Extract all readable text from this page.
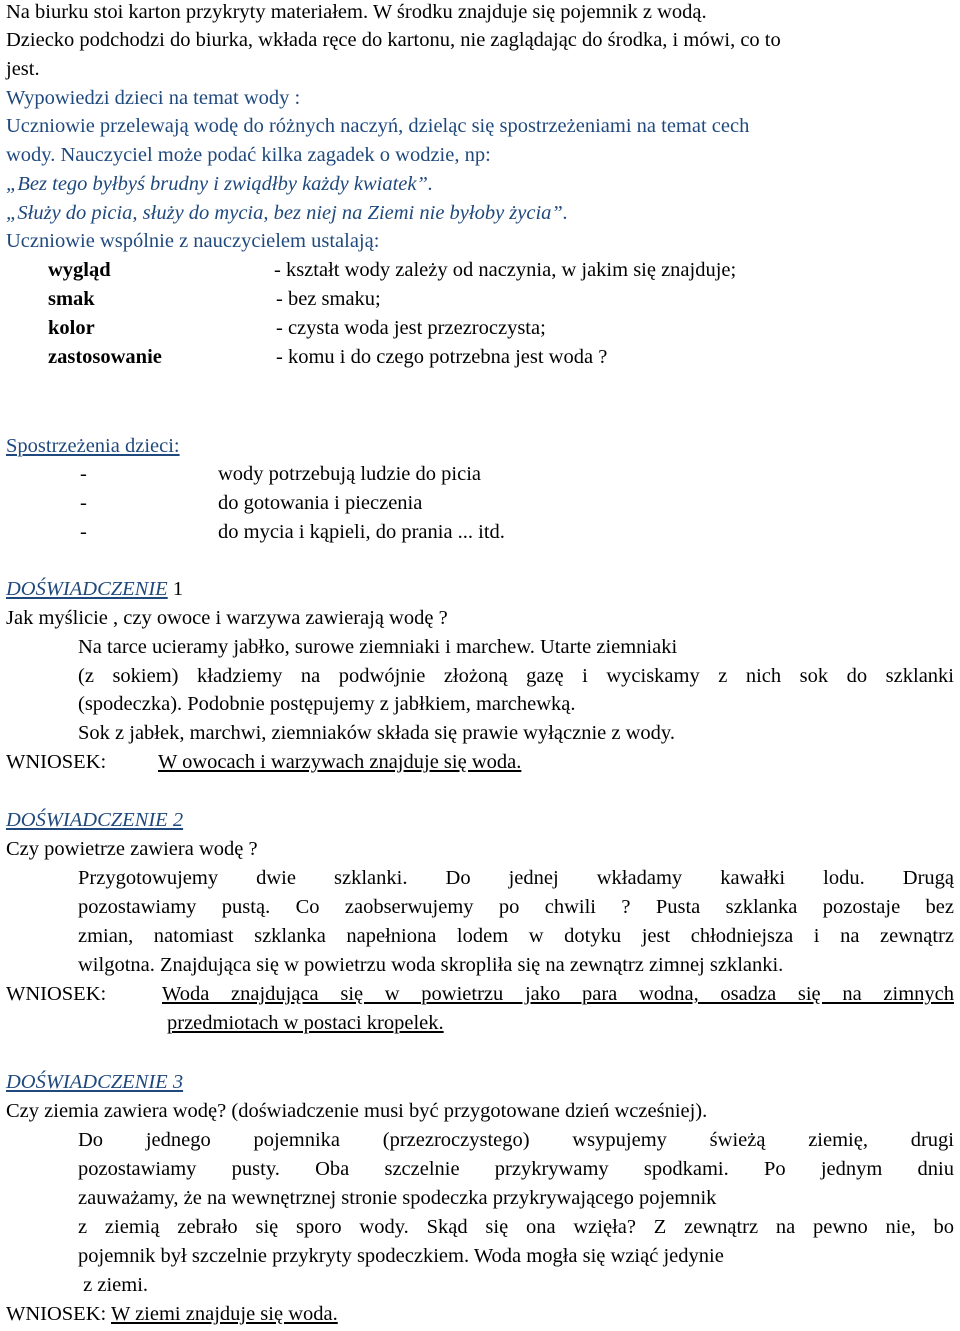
Na biurku stoi karton przykryty materiałem. W środku znajduje się pojemnik z wodą.
Dziecko podchodzi do biurka, wkłada ręce do kartonu, nie zaglądając do środka, i mówi, co to
jest.
Wypowiedzi dzieci na temat wody :
Uczniowie przelewają wodę do różnych naczyń, dzieląc się spostrzeżeniami na temat cech
wody. Nauczyciel może podać kilka zagadek o wodzie, np:
„Bez tego byłbyś brudny i zwiądłby każdy kwiatek”.
„Służy do picia, służy do mycia, bez niej na Ziemi nie byłoby życia”.
Uczniowie wspólnie z nauczycielem ustalają:
wygląd	- kształt wody zależy od naczynia, w jakim się znajduje;
smak	- bez smaku;
kolor	- czysta woda jest przezroczysta;
zastosowanie	- komu i do czego potrzebna jest woda ?
Spostrzeżenia dzieci:
-	wody potrzebują ludzie do picia
-	do gotowania i pieczenia
-	do mycia i kąpieli, do prania ... itd.
DOŚWIADCZENIE 1
Jak myślicie , czy owoce i warzywa zawierają wodę ?
Na tarce ucieramy jabłko, surowe ziemniaki i marchew. Utarte ziemniaki
(z sokiem) kładziemy na podwójnie złożoną gazę i wyciskamy z nich sok do szklanki
(spodeczka). Podobnie postępujemy z jabłkiem, marchewką.
Sok z jabłek, marchwi, ziemniaków składa się prawie wyłącznie z wody.
WNIOSEK:	W owocach i warzywach znajduje się woda.
DOŚWIADCZENIE 2
Czy powietrze zawiera wodę ?
Przygotowujemy dwie szklanki. Do jednej wkładamy kawałki lodu. Drugą
pozostawiamy pustą. Co zaobserwujemy po chwili ? Pusta szklanka pozostaje bez
zmian, natomiast szklanka napełniona lodem w dotyku jest chłodniejsza i na zewnątrz
wilgotna. Znajdująca się w powietrzu woda skropliła się na zewnątrz zimnej szklanki.
WNIOSEK:	Woda znajdująca się w powietrzu jako para wodna, osadza się na zimnych
przedmiotach w postaci kropelek.
DOŚWIADCZENIE 3
Czy ziemia zawiera wodę? (doświadczenie musi być przygotowane dzień wcześniej).
Do jednego pojemnika (przezroczystego) wsypujemy świeżą ziemię, drugi
pozostawiamy pusty. Oba szczelnie przykrywamy spodkami. Po jednym dniu
zauważamy, że na wewnętrznej stronie spodeczka przykrywającego pojemnik
z ziemią zebrało się sporo wody. Skąd się ona wzięła? Z zewnątrz na pewno nie, bo
pojemnik był szczelnie przykryty spodeczkiem. Woda mogła się wziąć jedynie
z ziemi.
WNIOSEK: W ziemi znajduje się woda.
